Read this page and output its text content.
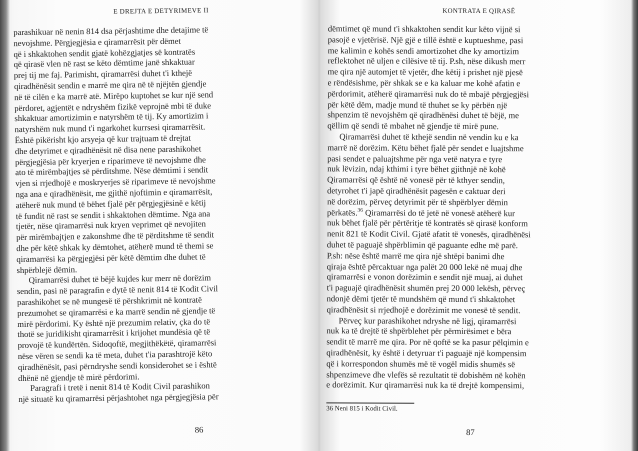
E DREJTA E DETYRIMEVE II
parashikuar në nenin 814 dsa përjashtime dhe detajime të
nevojshme. Përgjegjësia e qiramarrësit për dëmet
që i shkaktohen sendit gjatë kohëzgjatjes së kontratës
që qirasë vlen në rast se këto dëmtime janë shkaktuar
prej tij me faj. Parimisht, qiramarrësi duhet t'i kthejë
qiradhënësit sendin e marrë me qira në të njëjtën gjendje
në të cilën e ka marrë atë. Mirëpo kuptohet se kur një send
përdoret, agjentët e ndryshëm fizikë veprojnë mbi të duke
shkaktuar amortizimin e natyrshëm të tij. Ky amortizim i
natyrshëm nuk mund t'i ngarkohet kurrsesi qiramarrësit.
Është pikërisht kjo arsyeja që kur trajtuam të drejtat
dhe detyrimet e qiradhënësit në disa nene parashikohet
përgjegjësia për kryerjen e riparimeve të nevojshme dhe
ato të mirëmbajtjes së përditshme. Nëse dëmtimi i sendit
vjen si rrjedhojë e moskryerjes së riparimeve të nevojshme
nga ana e qiradhënësit, me gjithë njoftimin e qiramarrësit,
atëherë nuk mund të bëhet fjalë për përgjegjësinë e këtij
të fundit në rast se sendit i shkaktohen dëmtime. Nga ana
tjetër, nëse qiramarrësi nuk kryen veprimet që nevojiten
për mirëmbajtjen e zakonshme dhe të përditshme të sendit
dhe për këtë shkak ky dëmtohet, atëherë mund të themi se
qiramarrësi ka përgjegjësi për këtë dëmtim dhe duhet të
shpërblejë dëmin.
Qiramarrësi duhet të bëjë kujdes kur merr në dorëzim
sendin, pasi në paragrafin e dytë të nenit 814 të Kodit Civil
parashikohet se në mungesë të përshkrimit në kontratë
prezumohet se qiramarrësi e ka marrë sendin në gjendje të
mirë përdorimi. Ky është një prezumim relativ, çka do të
thotë se juridikisht qiramarrësit i krijohet mundësia që të
provojë të kundërtën. Sidoqoftë, megjithëkëtë, qiramarrësi
nëse vëren se sendi ka të meta, duhet t'ia parashtrojë këto
qiradhënësit, pasi përndryshe sendi konsiderohet se i është
dhënë në gjendje të mirë përdorimi.
Paragrafi i tretë i nenit 814 të Kodit Civil parashikon
një situatë ku qiramarrësi përjashtohet nga përgjegjësia për
86
KONTRATA E QIRASË
dëmtimet që mund t'i shkaktohen sendit kur këto vijnë si
pasojë e vjetërisë. Një gjë e tillë është e kuptueshme, pasi
me kalimin e kohës sendi amortizohet dhe ky amortizim
reflektohet në uljen e cilësive të tij. P.sh, nëse dikush merr
me qira një automjet të vjetër, dhe këtij i prishet një pjesë
e rëndësishme, për shkak se e ka kaluar me kohë afatin e
përdorimit, atëherë qiramarrësi nuk do të mbajë përgjegjësi
për këtë dëm, madje mund të thuhet se ky përbën një
shpenzim të nevojshëm që qiradhënësi duhet të bëjë, me
qëllim që sendi të mbahet në gjendje të mirë pune.
Qiramarrësi duhet të kthejë sendin në vendin ku e ka
marrë në dorëzim. Këtu bëhet fjalë për sendet e luajtshme
pasi sendet e paluajtshme për nga vetë natyra e tyre
nuk lëvizin, ndaj kthimi i tyre bëhet gjithnjë në kohë
Qiramarrësi që është në vonesë për të kthyer sendin,
detyrohet t'i japë qiradhënësit pagesën e caktuar deri
në dorëzim, përveç detyrimit për të shpërblyer dëmin
përkatës.$^{36}$ Qiramarrësi do të jetë në vonesë atëherë kur
nuk bëhet fjalë për përtëritje të kontratës së qirasë konform
nenit 821 të Kodit Civil. Gjatë afatit të vonesës, qiradhënësi
duhet të paguajë shpërblimin që paguante edhe më parë.
P.sh: nëse është marrë me qira një shtëpi banimi dhe
qiraja është përcaktuar nga palët 20 000 lekë në muaj dhe
qiramarrësi e vonon dorëzimin e sendit një muaj, ai duhet
t'i paguajë qiradhënësit shumën prej 20 000 lekësh, përveç
ndonjë dëmi tjetër të mundshëm që mund t'i shkaktohet
qiradhënësit si rrjedhojë e dorëzimit me vonesë të sendit.
Përveç kur parashikohet ndryshe në ligj, qiramarrësi
nuk ka të drejtë të shpërblehet për përmirësimet e bëra
sendit të marrë me qira. Por në qoftë se ka pasur pëlqimin e
qiradhënësit, ky është i detyruar t'i paguajë një kompensim
që i korrespondon shumës më të vogël midis shumës së
shpenzimeve dhe vlefës së rezultatit të dobishëm në kohën
e dorëzimit. Kur qiramarrësi nuk ka të drejtë kompensimi,
36 Neni 815 i Kodit Civil.
87
